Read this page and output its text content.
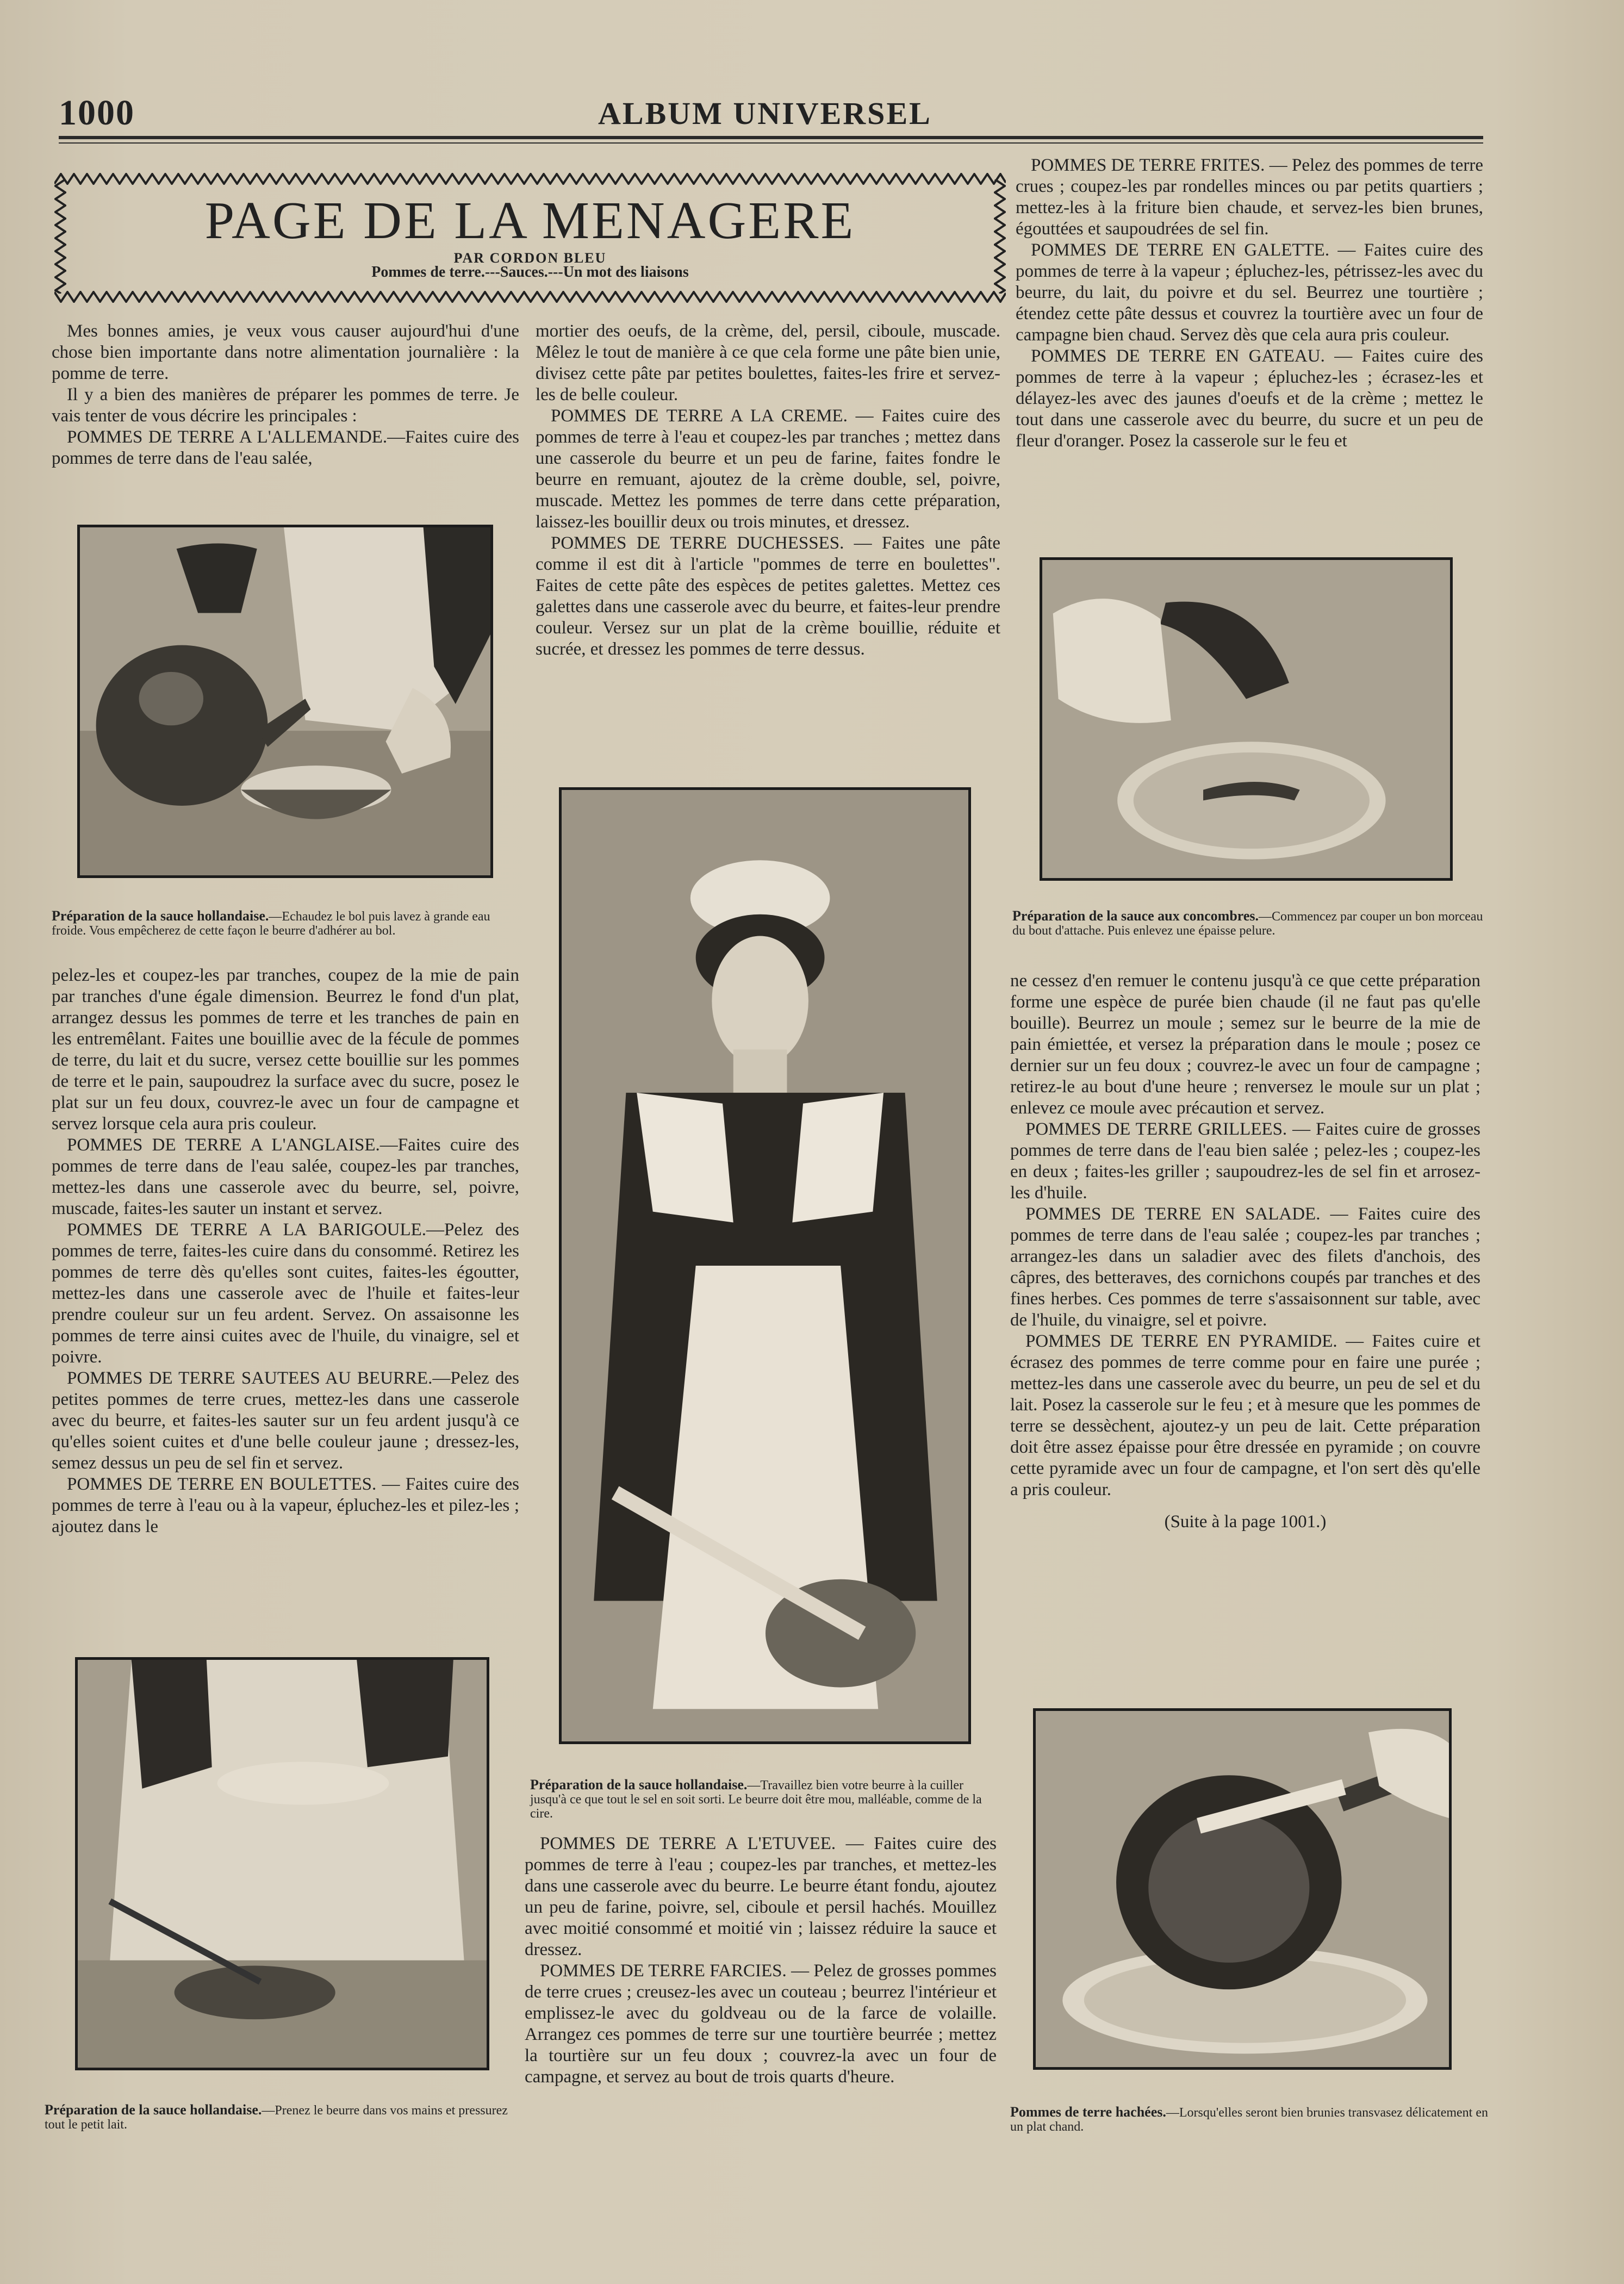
1000	ALBUM UNIVERSEL
PAGE DE LA MENAGERE
PAR CORDON BLEU
Pommes de terre.---Sauces.---Un mot des liaisons

Mes bonnes amies, je veux vous causer aujourd'hui d'une chose bien importante dans notre alimentation journalière : la pomme de terre.

Il y a bien des manières de préparer les pommes de terre. Je vais tenter de vous décrire les principales :

POMMES DE TERRE A L'ALLEMANDE.—Faites cuire des pommes de terre dans de l'eau salée,

Préparation de la sauce hollandaise.—Echaudez le bol puis lavez à grande eau froide. Vous empêcherez de cette façon le beurre d'adhérer au bol.

pelez-les et coupez-les par tranches, coupez de la mie de pain par tranches d'une égale dimension. Beurrez le fond d'un plat, arrangez dessus les pommes de terre et les tranches de pain en les entremêlant. Faites une bouillie avec de la fécule de pommes de terre, du lait et du sucre, versez cette bouillie sur les pommes de terre et le pain, saupoudrez la surface avec du sucre, posez le plat sur un feu doux, couvrez-le avec un four de campagne et servez lorsque cela aura pris couleur.

POMMES DE TERRE A L'ANGLAISE.—Faites cuire des pommes de terre dans de l'eau salée, coupez-les par tranches, mettez-les dans une casserole avec du beurre, sel, poivre, muscade, faites-les sauter un instant et servez.

POMMES DE TERRE A LA BARIGOULE.—Pelez des pommes de terre, faites-les cuire dans du consommé. Retirez les pommes de terre dès qu'elles sont cuites, faites-les égoutter, mettez-les dans une casserole avec de l'huile et faites-leur prendre couleur sur un feu ardent. Servez. On assaisonne les pommes de terre ainsi cuites avec de l'huile, du vinaigre, sel et poivre.

POMMES DE TERRE SAUTEES AU BEURRE.—Pelez des petites pommes de terre crues, mettez-les dans une casserole avec du beurre, et faites-les sauter sur un feu ardent jusqu'à ce qu'elles soient cuites et d'une belle couleur jaune ; dressez-les, semez dessus un peu de sel fin et servez.

POMMES DE TERRE EN BOULETTES. — Faites cuire des pommes de terre à l'eau ou à la vapeur, épluchez-les et pilez-les ; ajoutez dans le

Préparation de la sauce hollandaise.—Prenez le beurre dans vos mains et pressurez tout le petit lait.

mortier des oeufs, de la crème, del, persil, ciboule, muscade. Mêlez le tout de manière à ce que cela forme une pâte bien unie, divisez cette pâte par petites boulettes, faites-les frire et servez-les de belle couleur.

POMMES DE TERRE A LA CREME. — Faites cuire des pommes de terre à l'eau et coupez-les par tranches ; mettez dans une casserole du beurre et un peu de farine, faites fondre le beurre en remuant, ajoutez de la crème double, sel, poivre, muscade. Mettez les pommes de terre dans cette préparation, laissez-les bouillir deux ou trois minutes, et dressez.

POMMES DE TERRE DUCHESSES. — Faites une pâte comme il est dit à l'article "pommes de terre en boulettes". Faites de cette pâte des espèces de petites galettes. Mettez ces galettes dans une casserole avec du beurre, et faites-leur prendre couleur. Versez sur un plat de la crème bouillie, réduite et sucrée, et dressez les pommes de terre dessus.

Préparation de la sauce hollandaise.—Travaillez bien votre beurre à la cuiller jusqu'à ce que tout le sel en soit sorti. Le beurre doit être mou, malléable, comme de la cire.

POMMES DE TERRE A L'ETUVEE. — Faites cuire des pommes de terre à l'eau ; coupez-les par tranches, et mettez-les dans une casserole avec du beurre. Le beurre étant fondu, ajoutez un peu de farine, poivre, sel, ciboule et persil hachés. Mouillez avec moitié consommé et moitié vin ; laissez réduire la sauce et dressez.

POMMES DE TERRE FARCIES. — Pelez de grosses pommes de terre crues ; creusez-les avec un couteau ; beurrez l'intérieur et emplissez-le avec du goldveau ou de la farce de volaille. Arrangez ces pommes de terre sur une tourtière beurrée ; mettez la tourtière sur un feu doux ; couvrez-la avec un four de campagne, et servez au bout de trois quarts d'heure.

POMMES DE TERRE FRITES. — Pelez des pommes de terre crues ; coupez-les par rondelles minces ou par petits quartiers ; mettez-les à la friture bien chaude, et servez-les bien brunes, égouttées et saupoudrées de sel fin.

POMMES DE TERRE EN GALETTE. — Faites cuire des pommes de terre à la vapeur ; épluchez-les, pétrissez-les avec du beurre, du lait, du poivre et du sel. Beurrez une tourtière ; étendez cette pâte dessus et couvrez la tourtière avec un four de campagne bien chaud. Servez dès que cela aura pris couleur.

POMMES DE TERRE EN GATEAU. — Faites cuire des pommes de terre à la vapeur ; épluchez-les ; écrasez-les et délayez-les avec des jaunes d'oeufs et de la crème ; mettez le tout dans une casserole avec du beurre, du sucre et un peu de fleur d'oranger. Posez la casserole sur le feu et

Préparation de la sauce aux concombres.—Commencez par couper un bon morceau du bout d'attache. Puis enlevez une épaisse pelure.

ne cessez d'en remuer le contenu jusqu'à ce que cette préparation forme une espèce de purée bien chaude (il ne faut pas qu'elle bouille). Beurrez un moule ; semez sur le beurre de la mie de pain émiettée, et versez la préparation dans le moule ; posez ce dernier sur un feu doux ; couvrez-le avec un four de campagne ; retirez-le au bout d'une heure ; renversez le moule sur un plat ; enlevez ce moule avec précaution et servez.

POMMES DE TERRE GRILLEES. — Faites cuire de grosses pommes de terre dans de l'eau bien salée ; pelez-les ; coupez-les en deux ; faites-les griller ; saupoudrez-les de sel fin et arrosez-les d'huile.

POMMES DE TERRE EN SALADE. — Faites cuire des pommes de terre dans de l'eau salée ; coupez-les par tranches ; arrangez-les dans un saladier avec des filets d'anchois, des câpres, des betteraves, des cornichons coupés par tranches et des fines herbes. Ces pommes de terre s'assaisonnent sur table, avec de l'huile, du vinaigre, sel et poivre.

POMMES DE TERRE EN PYRAMIDE. — Faites cuire et écrasez des pommes de terre comme pour en faire une purée ; mettez-les dans une casserole avec du beurre, un peu de sel et du lait. Posez la casserole sur le feu ; et à mesure que les pommes de terre se dessèchent, ajoutez-y un peu de lait. Cette préparation doit être assez épaisse pour être dressée en pyramide ; on couvre cette pyramide avec un four de campagne, et l'on sert dès qu'elle a pris couleur.

(Suite à la page 1001.)

Pommes de terre hachées.—Lorsqu'elles seront bien brunies transvasez délicatement en un plat chand.
